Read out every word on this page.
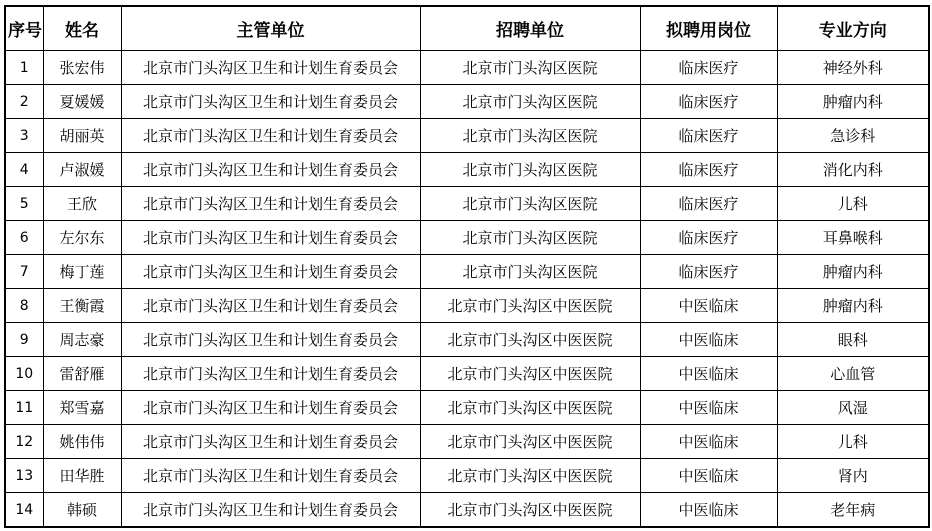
序号	姓名	主管单位	招聘单位	拟聘用岗位	专业方向
1	张宏伟	北京市门头沟区卫生和计划生育委员会	北京市门头沟区医院	临床医疗	神经外科
2	夏媛媛	北京市门头沟区卫生和计划生育委员会	北京市门头沟区医院	临床医疗	肿瘤内科
3	胡丽英	北京市门头沟区卫生和计划生育委员会	北京市门头沟区医院	临床医疗	急诊科
4	卢淑媛	北京市门头沟区卫生和计划生育委员会	北京市门头沟区医院	临床医疗	消化内科
5	王欣	北京市门头沟区卫生和计划生育委员会	北京市门头沟区医院	临床医疗	儿科
6	左尔东	北京市门头沟区卫生和计划生育委员会	北京市门头沟区医院	临床医疗	耳鼻喉科
7	梅丁莲	北京市门头沟区卫生和计划生育委员会	北京市门头沟区医院	临床医疗	肿瘤内科
8	王衡霞	北京市门头沟区卫生和计划生育委员会	北京市门头沟区中医医院	中医临床	肿瘤内科
9	周志豪	北京市门头沟区卫生和计划生育委员会	北京市门头沟区中医医院	中医临床	眼科
10	雷舒雁	北京市门头沟区卫生和计划生育委员会	北京市门头沟区中医医院	中医临床	心血管
11	郑雪嘉	北京市门头沟区卫生和计划生育委员会	北京市门头沟区中医医院	中医临床	风湿
12	姚伟伟	北京市门头沟区卫生和计划生育委员会	北京市门头沟区中医医院	中医临床	儿科
13	田华胜	北京市门头沟区卫生和计划生育委员会	北京市门头沟区中医医院	中医临床	肾内
14	韩硕	北京市门头沟区卫生和计划生育委员会	北京市门头沟区中医医院	中医临床	老年病
